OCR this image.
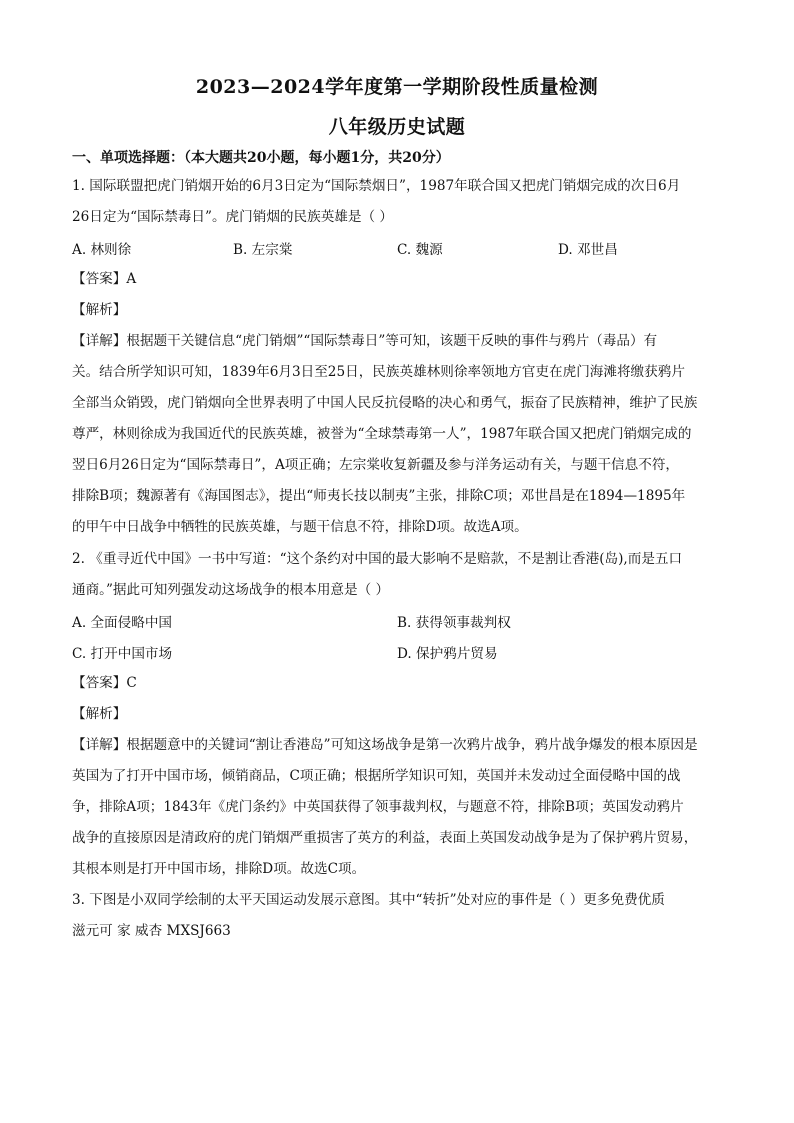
2023—2024学年度第一学期阶段性质量检测
八年级历史试题
一、单项选择题：（本大题共20小题，每小题1分，共20分）
1. 国际联盟把虎门销烟开始的6月3日定为“国际禁烟日”，1987年联合国又把虎门销烟完成的次日6月
26日定为“国际禁毒日”。虎门销烟的民族英雄是（ ）
A. 林则徐	B. 左宗棠	C. 魏源	D. 邓世昌
【答案】A
【解析】
【详解】根据题干关键信息“虎门销烟”“国际禁毒日”等可知，该题干反映的事件与鸦片（毒品）有
关。结合所学知识可知，1839年6月3日至25日，民族英雄林则徐率领地方官吏在虎门海滩将缴获鸦片
全部当众销毁，虎门销烟向全世界表明了中国人民反抗侵略的决心和勇气，振奋了民族精神，维护了民族
尊严，林则徐成为我国近代的民族英雄，被誉为“全球禁毒第一人”，1987年联合国又把虎门销烟完成的
翌日6月26日定为“国际禁毒日”，A项正确；左宗棠收复新疆及参与洋务运动有关，与题干信息不符，
排除B项；魏源著有《海国图志》，提出“师夷长技以制夷”主张，排除C项；邓世昌是在1894—1895年
的甲午中日战争中牺牲的民族英雄，与题干信息不符，排除D项。故选A项。
2. 《重寻近代中国》一书中写道：“这个条约对中国的最大影响不是赔款，不是割让香港(岛),而是五口
通商。”据此可知列强发动这场战争的根本用意是（ ）
A. 全面侵略中国	B. 获得领事裁判权
C. 打开中国市场	D. 保护鸦片贸易
【答案】C
【解析】
【详解】根据题意中的关键词“割让香港岛”可知这场战争是第一次鸦片战争，鸦片战争爆发的根本原因是
英国为了打开中国市场，倾销商品，C项正确；根据所学知识可知，英国并未发动过全面侵略中国的战
争，排除A项；1843年《虎门条约》中英国获得了领事裁判权，与题意不符，排除B项；英国发动鸦片
战争的直接原因是清政府的虎门销烟严重损害了英方的利益，表面上英国发动战争是为了保护鸦片贸易，
其根本则是打开中国市场，排除D项。故选C项。
3. 下图是小双同学绘制的太平天国运动发展示意图。其中“转折”处对应的事件是（ ）更多免费优质
滋元可 家 威杏 MXSJ663
